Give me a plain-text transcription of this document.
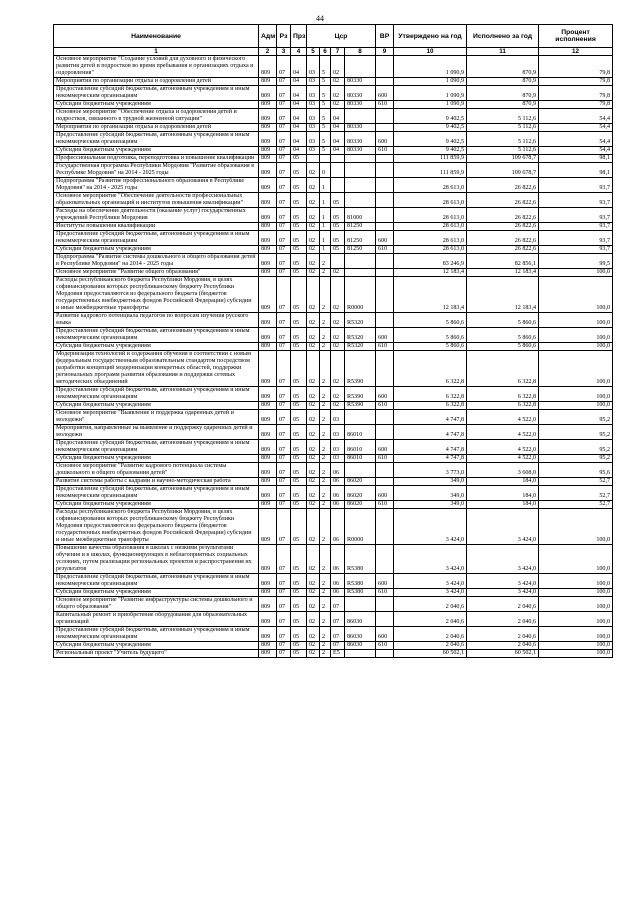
44
Наименование	Адм	Рз	Прз	Цср				ВР	Утверждено на год	Исполнено за год	Процент исполнения
1	2	3	4	5	6	7	8	9	10	11	12
Основное мероприятие "Создание условий для духовного и физического развития детей и подростков во время пребывания в организациях отдыха и оздоровления"	809	07	04	03	5	02			1 090,9	870,9	79,8
Мероприятия по организации отдыха и оздоровления детей	809	07	04	03	5	02	80330		1 090,9	870,9	79,8
Предоставление субсидий бюджетным, автономным учреждениям и иным некоммерческим организациям	809	07	04	03	5	02	80330	600	1 090,9	870,9	79,8
Субсидии бюджетным учреждениям	809	07	04	03	5	02	80330	610	1 090,9	870,9	79,8
Основное мероприятие "Обеспечение отдыха и оздоровления детей и подростков, связанного в трудной жизненной ситуации"	809	07	04	03	5	04			9 402,5	5 112,6	54,4
Мероприятия по организации отдыха и оздоровления детей	809	07	04	03	5	04	80330		9 402,5	5 112,6	54,4
Предоставление субсидий бюджетным, автономным учреждениям и иным некоммерческим организациям	809	07	04	03	5	04	80330	600	9 402,5	5 112,6	54,4
Субсидии бюджетным учреждениям	809	07	04	03	5	04	80330	610	9 402,5	5 112,6	54,4
Профессиональная подготовка, переподготовка и повышение квалификации	809	07	05						111 859,9	109 678,7	98,1
Государственная программа Республики Мордовия "Развитие образования в Республике Мордовия" на 2014 - 2025 годы	809	07	05	02	0				111 859,9	109 678,7	98,1
Подпрограмма "Развитие профессионального образования в Республике Мордовия" на 2014 - 2025 годы	809	07	05	02	1				28 613,0	26 822,6	93,7
Основное мероприятие "Обеспечение деятельности профессиональных образовательных организаций и институтов повышения квалификации"	809	07	05	02	1	05			28 613,0	26 822,6	93,7
Расходы на обеспечение деятельности (оказание услуг) государственных учреждений Республики Мордовия	809	07	05	02	1	05	81000		28 613,0	26 822,6	93,7
Институты повышения квалификации	809	07	05	02	1	05	81250		28 613,0	26 822,6	93,7
Предоставление субсидий бюджетным, автономным учреждениям и иным некоммерческим организациям	809	07	05	02	1	05	81250	600	28 613,0	26 822,6	93,7
Субсидии бюджетным учреждениям	809	07	05	02	1	05	81250	610	28 613,0	26 822,6	93,7
Подпрограмма "Развитие системы дошкольного и общего образования детей в Республике Мордовия" на 2014 - 2025 годы	809	07	05	02	2				83 246,9	82 856,1	99,5
Основное мероприятие "Развитие общего образования"	809	07	05	02	2	02			12 183,4	12 183,4	100,0
Расходы республиканского бюджета Республики Мордовия, в целях софинансирования которых республиканскому бюджету Республики Мордовия предоставляются из федерального бюджета (бюджетов государственных внебюджетных фондов Российской Федерации) субсидии и иные межбюджетные трансферты	809	07	05	02	2	02	R0000		12 183,4	12 183,4	100,0
Развитие кадрового потенциала педагогов по вопросам изучения русского языка	809	07	05	02	2	02	R5320		5 860,6	5 860,6	100,0
Предоставление субсидий бюджетным, автономным учреждениям и иным некоммерческим организациям	809	07	05	02	2	02	R5320	600	5 860,6	5 860,6	100,0
Субсидии бюджетным учреждениям	809	07	05	02	2	02	R5320	610	5 860,6	5 860,6	100,0
Модернизация технологий и содержания обучения в соответствии с новым федеральным государственным образовательным стандартом посредством разработки концепций модернизации конкретных областей, поддержки региональных программ развития образования и поддержки сетевых методических объединений	809	07	05	02	2	02	R5390		6 322,8	6 322,8	100,0
Предоставление субсидий бюджетным, автономным учреждениям и иным некоммерческим организациям	809	07	05	02	2	02	R5390	600	6 322,8	6 322,8	100,0
Субсидии бюджетным учреждениям	809	07	05	02	2	02	R5390	610	6 322,8	6 322,8	100,0
Основное мероприятие "Выявление и поддержка одаренных детей и молодежи"	809	07	05	02	2	03			4 747,8	4 522,0	95,2
Мероприятия, направленные на выявление и поддержку одаренных детей и молодежи	809	07	05	02	2	03	86010		4 747,8	4 522,0	95,2
Предоставление субсидий бюджетным, автономным учреждениям и иным некоммерческим организациям	809	07	05	02	2	03	86010	600	4 747,8	4 522,0	95,2
Субсидии бюджетным учреждениям	809	07	05	02	2	03	86010	610	4 747,8	4 522,0	95,2
Основное мероприятие "Развитие кадрового потенциала системы дошкольного и общего образования детей"	809	07	05	02	2	06			3 773,0	3 608,0	95,6
Развитие системы работы с кадрами и научно-методическая работа	809	07	05	02	2	06	86020		349,0	184,0	52,7
Предоставление субсидий бюджетным, автономным учреждениям и иным некоммерческим организациям	809	07	05	02	2	06	86020	600	349,0	184,0	52,7
Субсидии бюджетным учреждениям	809	07	05	02	2	06	86020	610	349,0	184,0	52,7
Расходы республиканского бюджета Республики Мордовия, в целях софинансирования которых республиканскому бюджету Республики Мордовия предоставляются из федерального бюджета (бюджетов государственных внебюджетных фондов Российской Федерации) субсидии и иные межбюджетные трансферты	809	07	05	02	2	06	R0000		3 424,0	3 424,0	100,0
Повышение качества образования в школах с низкими результатами обучения и в школах, функционирующих в неблагоприятных социальных условиях, путем реализации региональных проектов и распространения их результатов	809	07	05	02	2	06	R5380		3 424,0	3 424,0	100,0
Предоставление субсидий бюджетным, автономным учреждениям и иным некоммерческим организациям	809	07	05	02	2	06	R5380	600	3 424,0	3 424,0	100,0
Субсидии бюджетным учреждениям	809	07	05	02	2	06	R5380	610	3 424,0	3 424,0	100,0
Основное мероприятие "Развитие инфраструктуры системы дошкольного и общего образования"	809	07	05	02	2	07			2 040,6	2 040,6	100,0
Капитальный ремонт и приобретение оборудования для образовательных организаций	809	07	05	02	2	07	86030		2 040,6	2 040,6	100,0
Предоставление субсидий бюджетным, автономным учреждениям и иным некоммерческим организациям	809	07	05	02	2	07	86030	600	2 040,6	2 040,6	100,0
Субсидии бюджетным учреждениям	809	07	05	02	2	07	86030	610	2 040,6	2 040,6	100,0
Региональный проект "Учитель будущего"	809	07	05	02	2	E5			60 502,1	60 502,1	100,0
